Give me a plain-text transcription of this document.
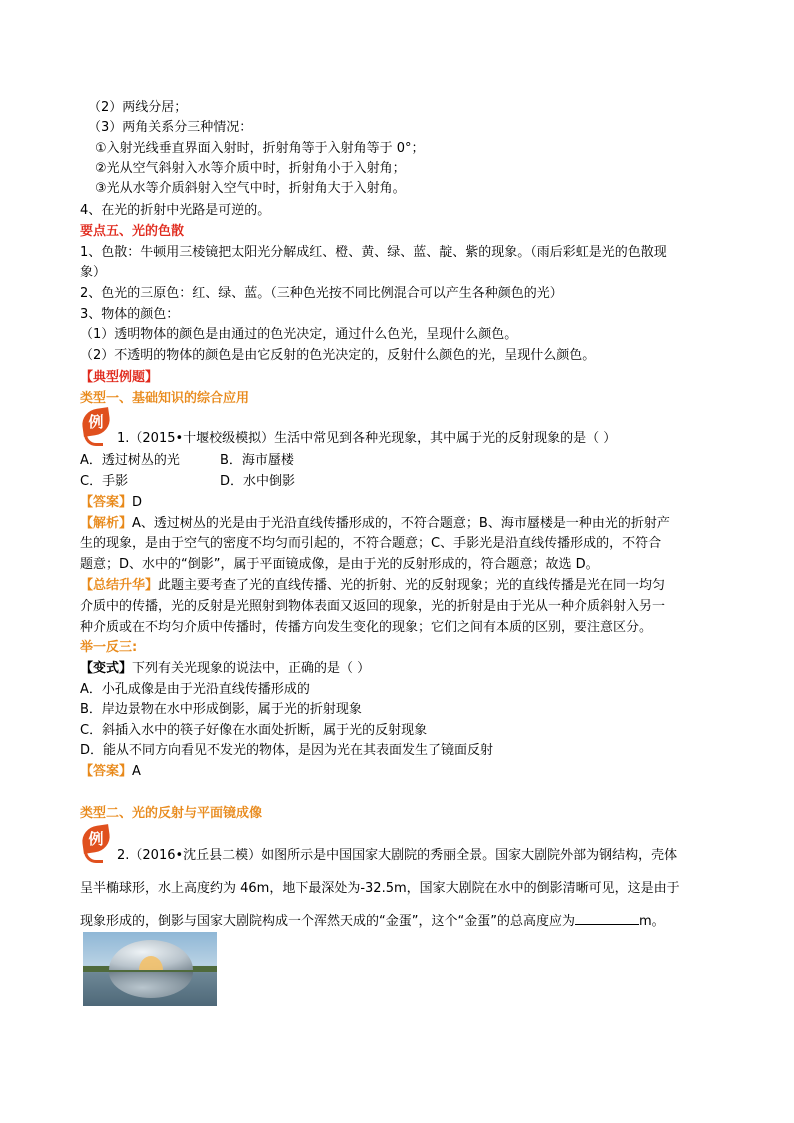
（2）两线分居；
（3）两角关系分三种情况：
①入射光线垂直界面入射时，折射角等于入射角等于 0°；
②光从空气斜射入水等介质中时，折射角小于入射角；
③光从水等介质斜射入空气中时，折射角大于入射角。
4、在光的折射中光路是可逆的。
要点五、光的色散
1、色散：牛顿用三棱镜把太阳光分解成红、橙、黄、绿、蓝、靛、紫的现象。（雨后彩虹是光的色散现
象）
2、色光的三原色：红、绿、蓝。（三种色光按不同比例混合可以产生各种颜色的光）
3、物体的颜色：
（1）透明物体的颜色是由通过的色光决定，通过什么色光，呈现什么颜色。
（2）不透明的物体的颜色是由它反射的色光决定的，反射什么颜色的光，呈现什么颜色。
【典型例题】
类型一、基础知识的综合应用
例
1.（2015•十堰校级模拟）生活中常见到各种光现象，其中属于光的反射现象的是（ ）
A．透过树丛的光	B．海市蜃楼
C．手影	D．水中倒影
【答案】D
【解析】A、透过树丛的光是由于光沿直线传播形成的，不符合题意；B、海市蜃楼是一种由光的折射产
生的现象，是由于空气的密度不均匀而引起的，不符合题意；C、手影光是沿直线传播形成的，不符合
题意；D、水中的“倒影”，属于平面镜成像，是由于光的反射形成的，符合题意；故选 D。
【总结升华】此题主要考查了光的直线传播、光的折射、光的反射现象；光的直线传播是光在同一均匀
介质中的传播，光的反射是光照射到物体表面又返回的现象，光的折射是由于光从一种介质斜射入另一
种介质或在不均匀介质中传播时，传播方向发生变化的现象；它们之间有本质的区别，要注意区分。
举一反三:
【变式】下列有关光现象的说法中，正确的是（ ）
A．小孔成像是由于光沿直线传播形成的
B．岸边景物在水中形成倒影，属于光的折射现象
C．斜插入水中的筷子好像在水面处折断，属于光的反射现象
D．能从不同方向看见不发光的物体，是因为光在其表面发生了镜面反射
【答案】A
类型二、光的反射与平面镜成像
例
2.（2016•沈丘县二模）如图所示是中国国家大剧院的秀丽全景。国家大剧院外部为钢结构，壳体
呈半椭球形，水上高度约为 46m，地下最深处为-32.5m，国家大剧院在水中的倒影清晰可见，这是由于
现象形成的，倒影与国家大剧院构成一个浑然天成的“金蛋”，这个“金蛋”的总高度应为	m。
